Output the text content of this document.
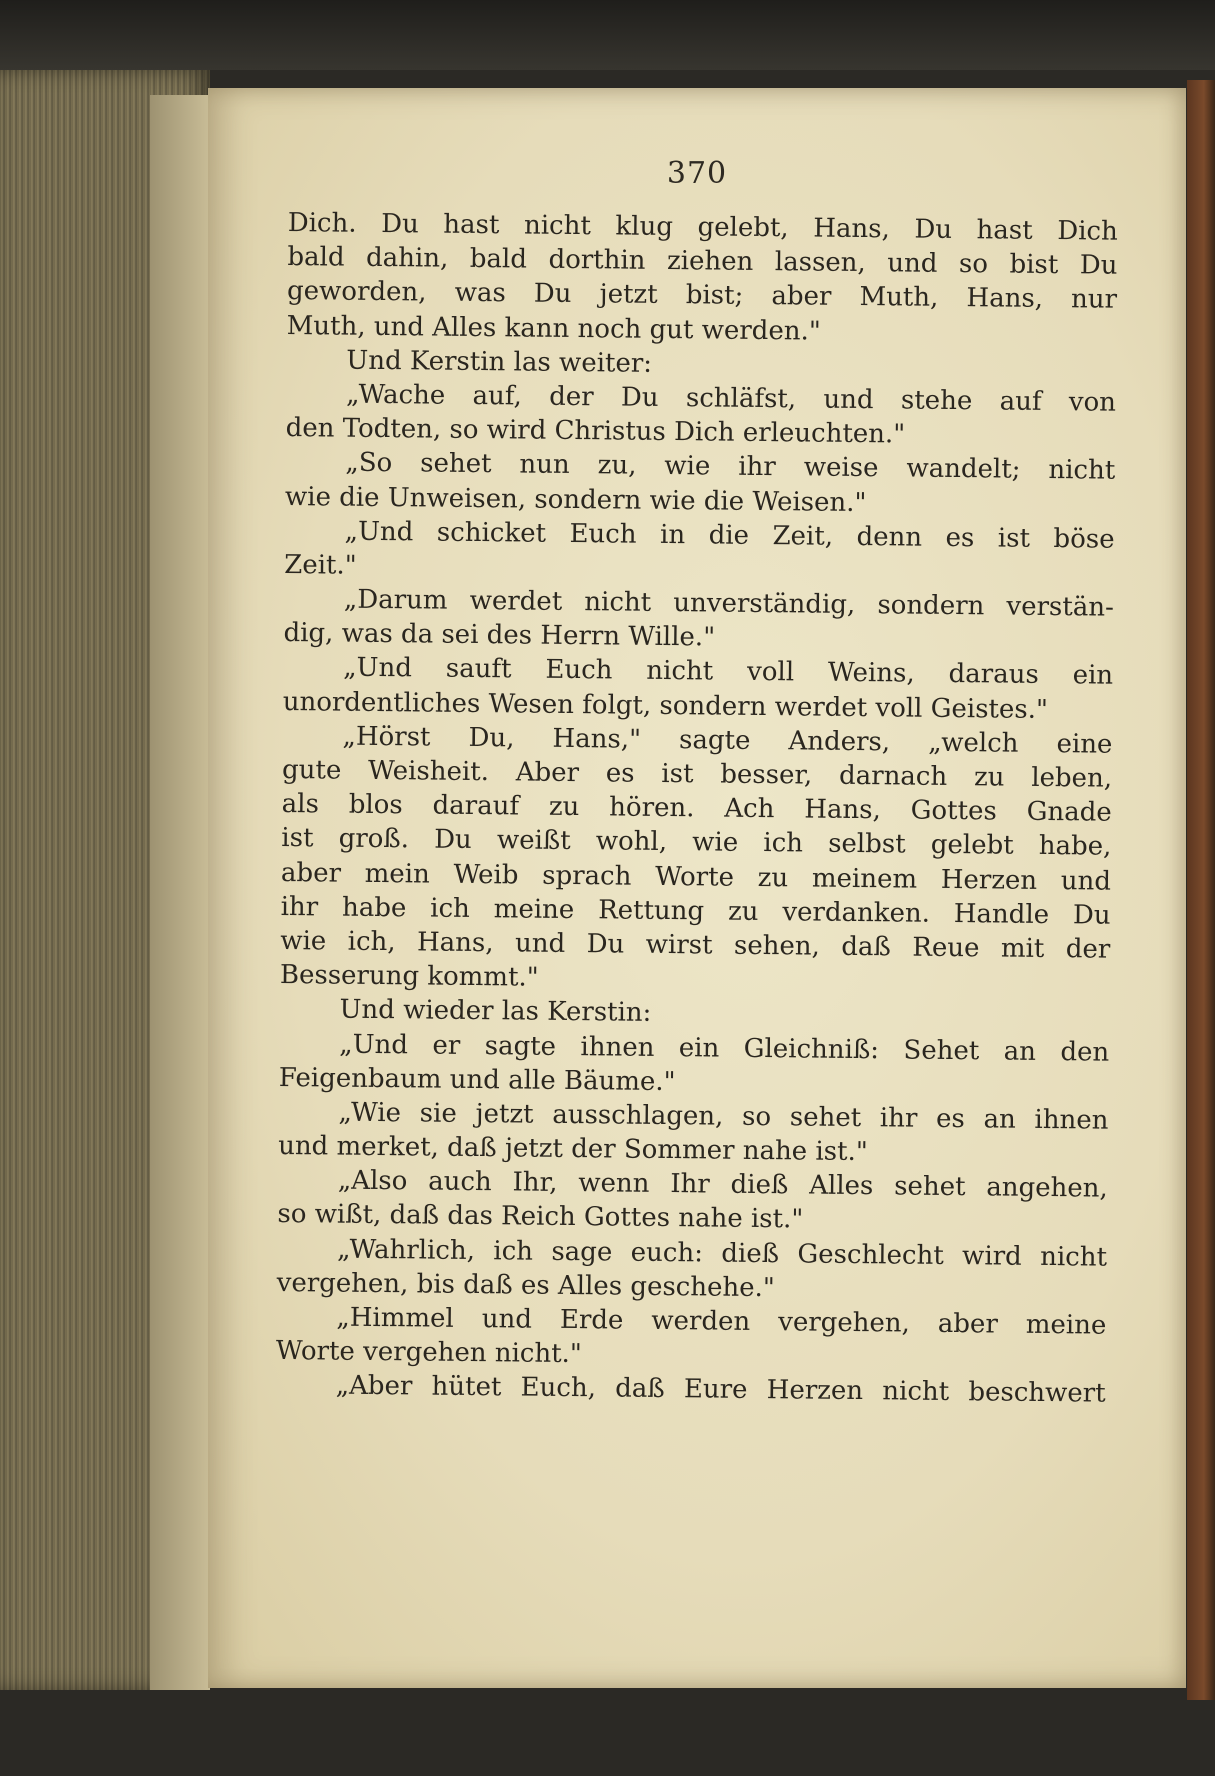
370
Dich. Du hast nicht klug gelebt, Hans, Du hast Dich
bald dahin, bald dorthin ziehen lassen, und so bist Du
geworden, was Du jetzt bist; aber Muth, Hans, nur
Muth, und Alles kann noch gut werden."
Und Kerstin las weiter:
„Wache auf, der Du schläfst, und stehe auf von
den Todten, so wird Christus Dich erleuchten."
„So sehet nun zu, wie ihr weise wandelt; nicht
wie die Unweisen, sondern wie die Weisen."
„Und schicket Euch in die Zeit, denn es ist böse
Zeit."
„Darum werdet nicht unverständig, sondern verstän-
dig, was da sei des Herrn Wille."
„Und sauft Euch nicht voll Weins, daraus ein
unordentliches Wesen folgt, sondern werdet voll Geistes."
„Hörst Du, Hans," sagte Anders, „welch eine
gute Weisheit. Aber es ist besser, darnach zu leben,
als blos darauf zu hören. Ach Hans, Gottes Gnade
ist groß. Du weißt wohl, wie ich selbst gelebt habe,
aber mein Weib sprach Worte zu meinem Herzen und
ihr habe ich meine Rettung zu verdanken. Handle Du
wie ich, Hans, und Du wirst sehen, daß Reue mit der
Besserung kommt."
Und wieder las Kerstin:
„Und er sagte ihnen ein Gleichniß: Sehet an den
Feigenbaum und alle Bäume."
„Wie sie jetzt ausschlagen, so sehet ihr es an ihnen
und merket, daß jetzt der Sommer nahe ist."
„Also auch Ihr, wenn Ihr dieß Alles sehet angehen,
so wißt, daß das Reich Gottes nahe ist."
„Wahrlich, ich sage euch: dieß Geschlecht wird nicht
vergehen, bis daß es Alles geschehe."
„Himmel und Erde werden vergehen, aber meine
Worte vergehen nicht."
„Aber hütet Euch, daß Eure Herzen nicht beschwert
